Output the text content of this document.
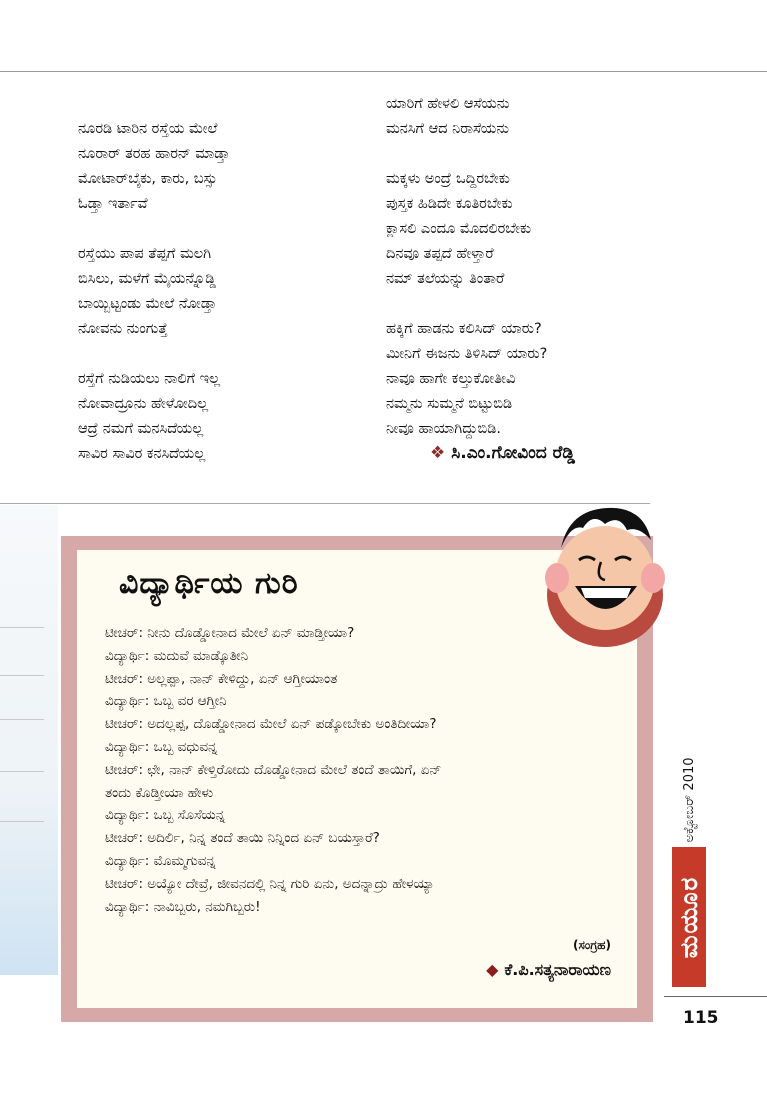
ನೂರಡಿ ಟಾರಿನ ರಸ್ತೆಯ ಮೇಲೆ
ನೂರಾರ್ ತರಹ ಹಾರನ್ ಮಾಡ್ತಾ
ಮೋಟಾರ್‌ಬೈಕು, ಕಾರು, ಬಸ್ಸು
ಓಡ್ತಾ ಇರ್ತಾವೆ
ರಸ್ತೆಯು ಪಾಪ ತೆಪ್ಪಗೆ ಮಲಗಿ
ಬಿಸಿಲು, ಮಳೆಗೆ ಮೈಯನ್ನೊಡ್ಡಿ
ಬಾಯ್ಬಿಟ್ಟಂಡು ಮೇಲೆ ನೋಡ್ತಾ
ನೋವನು ನುಂಗುತ್ತೆ
ರಸ್ತೆಗೆ ನುಡಿಯಲು ನಾಲಿಗೆ ಇಲ್ಲ
ನೋವಾದ್ರೂನು ಹೇಳೋದಿಲ್ಲ
ಆದ್ರೆ ನಮಗೆ ಮನಸಿದೆಯಲ್ಲ
ಸಾವಿರ ಸಾವಿರ ಕನಸಿದೆಯಲ್ಲ
ಯಾರಿಗೆ ಹೇಳಲಿ ಆಸೆಯನು
ಮನಸಿಗೆ ಆದ ನಿರಾಸೆಯನು
ಮಕ್ಕಳು ಅಂದ್ರೆ ಒದ್ದಿರಬೇಕು
ಪುಸ್ತಕ ಹಿಡಿದೇ ಕೂತಿರಬೇಕು
ಕ್ಲಾಸಲಿ ಎಂದೂ ಮೊದಲಿರಬೇಕು
ದಿನವೂ ತಪ್ಪದೆ ಹೇಳ್ತಾರೆ
ನಮ್ ತಲೆಯನ್ನು ತಿಂತಾರೆ
ಹಕ್ಕಿಗೆ ಹಾಡನು ಕಲಿಸಿದ್ ಯಾರು?
ಮೀನಿಗೆ ಈಜನು ತಿಳಿಸಿದ್ ಯಾರು?
ನಾವೂ ಹಾಗೇ ಕಲ್ತುಕೋತೀವಿ
ನಮ್ಮನು ಸುಮ್ಮನೆ ಬಿಟ್ಟುಬಿಡಿ
ನೀವೂ ಹಾಯಾಗಿದ್ದುಬಿಡಿ.
❖ ಸಿ.ಎಂ.ಗೋವಿಂದ ರೆಡ್ಡಿ
ವಿದ್ಯಾರ್ಥಿಯ ಗುರಿ
ಟೀಚರ್: ನೀನು ದೊಡ್ಡೋನಾದ ಮೇಲೆ ಏನ್ ಮಾಡ್ತೀಯಾ?
ವಿದ್ಯಾರ್ಥಿ: ಮದುವೆ ಮಾಡ್ಕೊತೀನಿ
ಟೀಚರ್: ಅಲ್ಲಪ್ಪಾ, ನಾನ್ ಕೇಳಿದ್ದು, ಏನ್ ಆಗ್ತೀಯಾಂತ
ವಿದ್ಯಾರ್ಥಿ: ಒಬ್ಬ ವರ ಆಗ್ತೀನಿ
ಟೀಚರ್: ಅದಲ್ಲಪ್ಪ, ದೊಡ್ಡೋನಾದ ಮೇಲೆ ಏನ್ ಪಡ್ಕೋಬೇಕು ಅಂತಿದೀಯಾ?
ವಿದ್ಯಾರ್ಥಿ: ಒಬ್ಬ ವಧುವನ್ನ
ಟೀಚರ್: ಛೇ, ನಾನ್ ಕೇಳ್ತಿರೋದು ದೊಡ್ಡೋನಾದ ಮೇಲೆ ತಂದೆ ತಾಯಿಗೆ, ಏನ್
ತಂದು ಕೊಡ್ತೀಯಾ ಹೇಳು
ವಿದ್ಯಾರ್ಥಿ: ಒಬ್ಬ ಸೊಸೆಯನ್ನ
ಟೀಚರ್: ಅದಿರ್ಲಿ, ನಿನ್ನ ತಂದೆ ತಾಯಿ ನಿನ್ನಿಂದ ಏನ್ ಬಯಸ್ತಾರೆ?
ವಿದ್ಯಾರ್ಥಿ: ಮೊಮ್ಮಗುವನ್ನ
ಟೀಚರ್: ಅಯ್ಯೋ ದೇವ್ರೆ, ಜೀವನದಲ್ಲಿ ನಿನ್ನ ಗುರಿ ಏನು, ಅದನ್ನಾದ್ರು ಹೇಳಯ್ಯಾ
ವಿದ್ಯಾರ್ಥಿ: ನಾವಿಬ್ಬರು, ನಮಗಿಬ್ಬರು!
(ಸಂಗ್ರಹ)
◆ ಕೆ.ಪಿ.ಸತ್ಯನಾರಾಯಣ
ಅಕ್ಟೋಬರ್ 2010
ಮಯೂರ
115
